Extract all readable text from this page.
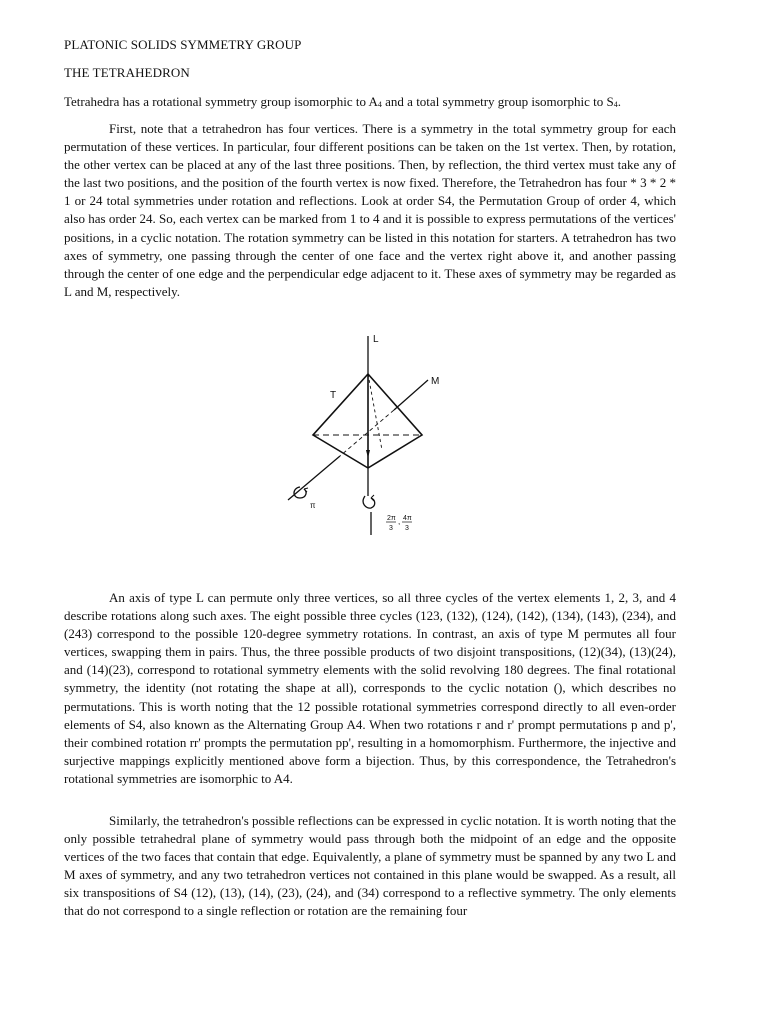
PLATONIC SOLIDS SYMMETRY GROUP
THE TETRAHEDRON

Tetrahedra has a rotational symmetry group isomorphic to $A_4$ and a total symmetry group isomorphic to $S_4$.

First, note that a tetrahedron has four vertices. There is a symmetry in the total symmetry group for each permutation of these vertices. In particular, four different positions can be taken on the 1st vertex. Then, by rotation, the other vertex can be placed at any of the last three positions. Then, by reflection, the third vertex must take any of the last two positions, and the position of the fourth vertex is now fixed. Therefore, the Tetrahedron has four * 3 * 2 * 1 or 24 total symmetries under rotation and reflections. Look at order S4, the Permutation Group of order 4, which also has order 24. So, each vertex can be marked from 1 to 4 and it is possible to express permutations of the vertices' positions, in a cyclic notation. The rotation symmetry can be listed in this notation for starters. A tetrahedron has two axes of symmetry, one passing through the center of one face and the vertex right above it, and another passing through the center of one edge and the perpendicular edge adjacent to it. These axes of symmetry may be regarded as L and M, respectively.

L
M
T
π
2π
3
, 4π
3

An axis of type L can permute only three vertices, so all three cycles of the vertex elements 1, 2, 3, and 4 describe rotations along such axes. The eight possible three cycles (123, (132), (124), (142), (134), (143), (234), and (243) correspond to the possible 120-degree symmetry rotations. In contrast, an axis of type M permutes all four vertices, swapping them in pairs. Thus, the three possible products of two disjoint transpositions, (12)(34), (13)(24), and (14)(23), correspond to rotational symmetry elements with the solid revolving 180 degrees. The final rotational symmetry, the identity (not rotating the shape at all), corresponds to the cyclic notation (), which describes no permutations. This is worth noting that the 12 possible rotational symmetries correspond directly to all even-order elements of S4, also known as the Alternating Group A4. When two rotations r and r' prompt permutations p and p', their combined rotation rr' prompts the permutation pp', resulting in a homomorphism. Furthermore, the injective and surjective mappings explicitly mentioned above form a bijection. Thus, by this correspondence, the Tetrahedron's rotational symmetries are isomorphic to A4.

Similarly, the tetrahedron's possible reflections can be expressed in cyclic notation. It is worth noting that the only possible tetrahedral plane of symmetry would pass through both the midpoint of an edge and the opposite vertices of the two faces that contain that edge. Equivalently, a plane of symmetry must be spanned by any two L and M axes of symmetry, and any two tetrahedron vertices not contained in this plane would be swapped. As a result, all six transpositions of S4 (12), (13), (14), (23), (24), and (34) correspond to a reflective symmetry. The only elements that do not correspond to a single reflection or rotation are the remaining four
